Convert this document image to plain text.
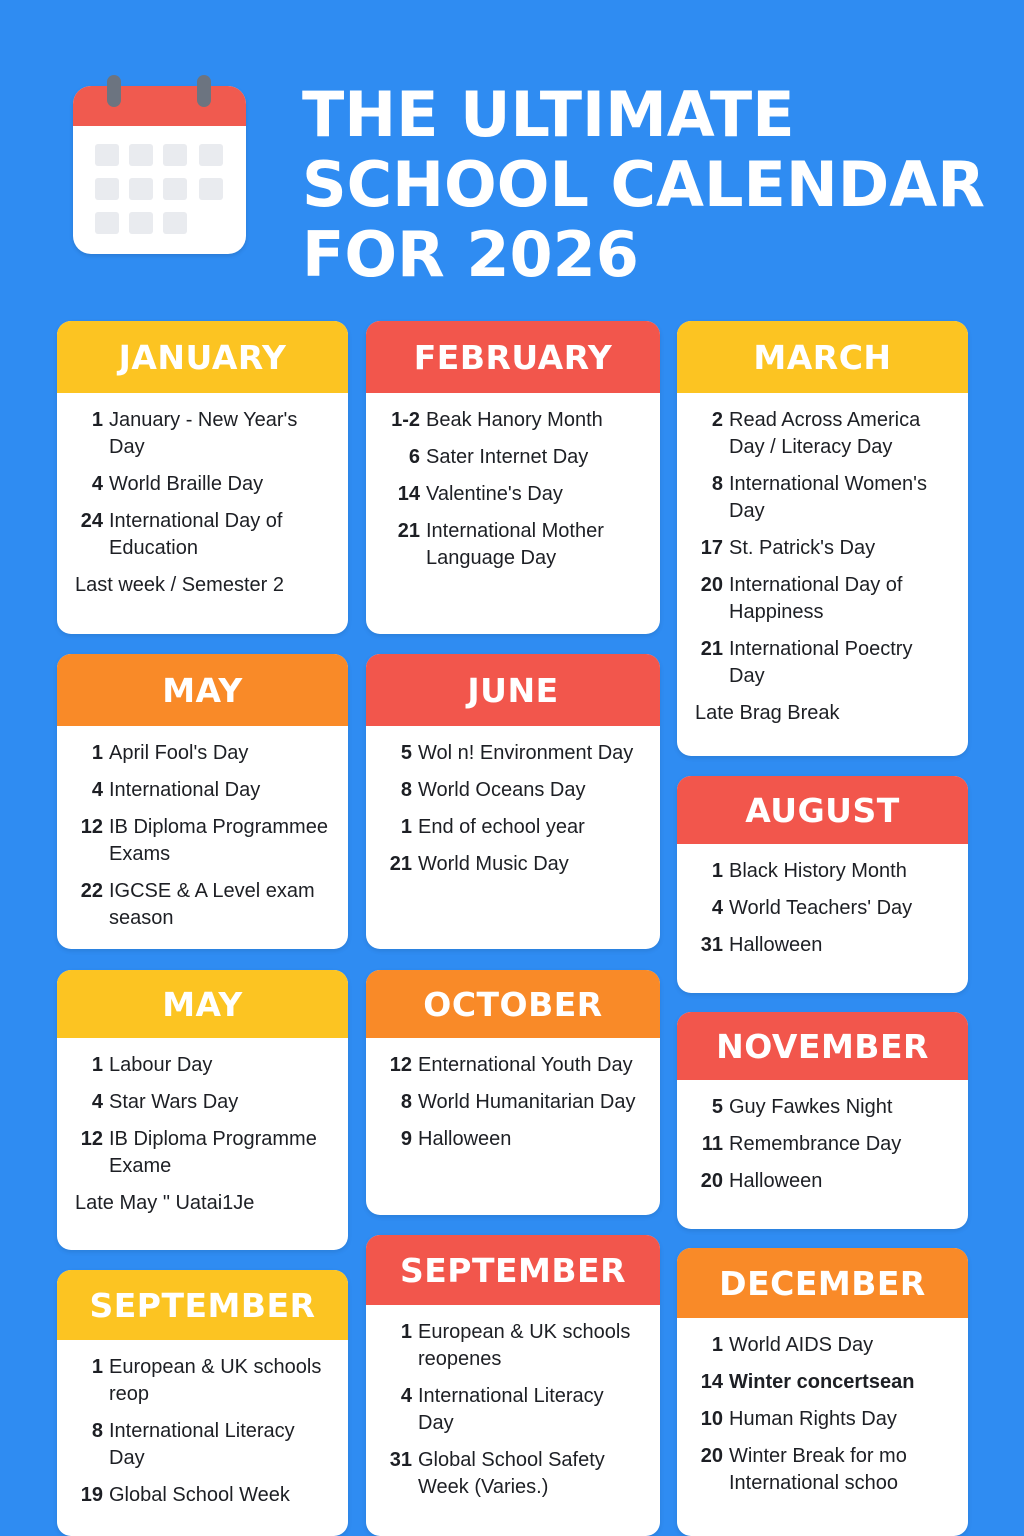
THE ULTIMATE
SCHOOL CALENDAR
FOR 2026
JANUARY
1 January - New Year's Day
4 World Braille Day
24 International Day of Education
Last week / Semester 2
FEBRUARY
1-2 Beak Hanory Month
6 Sater Internet Day
14 Valentine's Day
21 International Mother Language Day
MARCH
2 Read Across America Day / Literacy Day
8 International Women's Day
17 St. Patrick's Day
20 International Day of Happiness
21 International Poectry Day
Late Brag Break
MAY
1 April Fool's Day
4 International Day
12 IB Diploma Programmee Exams
22 IGCSE & A Level exam season
JUNE
5 Wol n! Environment Day
8 World Oceans Day
1 End of echool year
21 World Music Day
AUGUST
1 Black History Month
4 World Teachers' Day
31 Halloween
MAY
1 Labour Day
4 Star Wars Day
12 IB Diploma Programme Exame
Late May " Uatai1Je
OCTOBER
12 Enternational Youth Day
8 World Humanitarian Day
9 Halloween
NOVEMBER
5 Guy Fawkes Night
11 Remembrance Day
20 Halloween
SEPTEMBER
1 European & UK schools reop
8 International Literacy Day
19 Global School Week
SEPTEMBER
1 European & UK schools reopenes
4 International Literacy Day
31 Global School Safety Week (Varies.)
DECEMBER
1 World AIDS Day
14 Winter concertsean
10 Human Rights Day
20 Winter Break for mo International schoo
